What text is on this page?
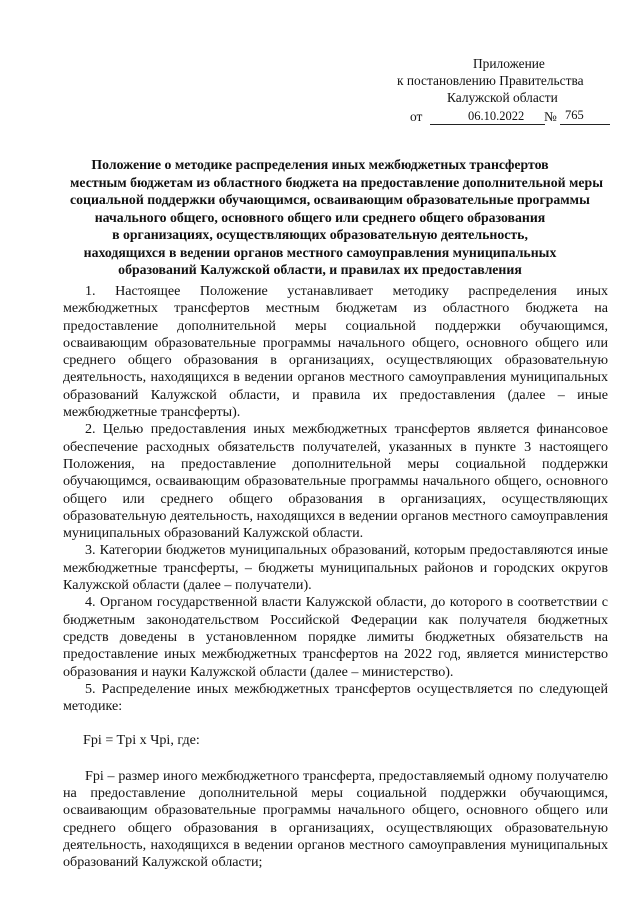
Приложение
к постановлению Правительства
Калужской области
от	06.10.2022 № 765
Положение о методике распределения иных межбюджетных трансфертов
местным бюджетам из областного бюджета на предоставление дополнительной меры
социальной поддержки обучающимся, осваивающим образовательные программы
начального общего, основного общего или среднего общего образования
в организациях, осуществляющих образовательную деятельность,
находящихся в ведении органов местного самоуправления муниципальных
образований Калужской области, и правилах их предоставления

1. Настоящее Положение устанавливает методику распределения иных межбюджетных трансфертов местным бюджетам из областного бюджета на предоставление дополнительной меры социальной поддержки обучающимся, осваивающим образовательные программы начального общего, основного общего или среднего общего образования в организациях, осуществляющих образовательную деятельность, находящихся в ведении органов местного самоуправления муниципальных образований Калужской области, и правила их предоставления (далее – иные межбюджетные трансферты).

2. Целью предоставления иных межбюджетных трансфертов является финансовое обеспечение расходных обязательств получателей, указанных в пункте 3 настоящего Положения, на предоставление дополнительной меры социальной поддержки обучающимся, осваивающим образовательные программы начального общего, основного общего или среднего общего образования в организациях, осуществляющих образовательную деятельность, находящихся в ведении органов местного самоуправления муниципальных образований Калужской области.

3. Категории бюджетов муниципальных образований, которым предоставляются иные межбюджетные трансферты, – бюджеты муниципальных районов и городских округов Калужской области (далее – получатели).

4. Органом государственной власти Калужской области, до которого в соответствии с бюджетным законодательством Российской Федерации как получателя бюджетных средств доведены в установленном порядке лимиты бюджетных обязательств на предоставление иных межбюджетных трансфертов на 2022 год, является министерство образования и науки Калужской области (далее – министерство).

5. Распределение иных межбюджетных трансфертов осуществляется по следующей методике:

Fpi = Tpi x Чpi, где:

Fpi – размер иного межбюджетного трансферта, предоставляемый одному получателю на предоставление дополнительной меры социальной поддержки обучающимся, осваивающим образовательные программы начального общего, основного общего или среднего общего образования в организациях, осуществляющих образовательную деятельность, находящихся в ведении органов местного самоуправления муниципальных образований Калужской области;
